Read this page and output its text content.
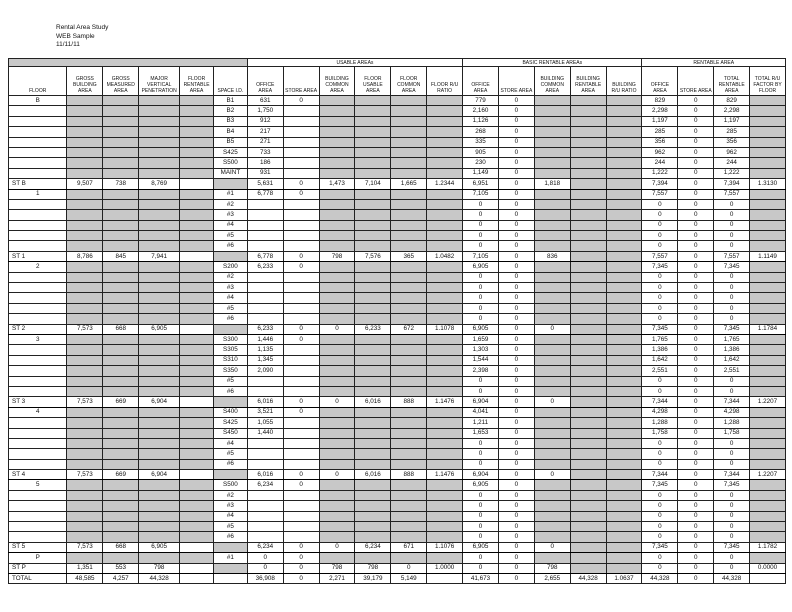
Rental Area Study
WEB Sample
11/11/11
						USABLE AREAs						BASIC RENTABLE AREAs					RENTABLE AREA			
FLOOR	GROSS BUILDING AREA	GROSS MEASURED AREA	MAJOR VERTICAL PENETRATION	FLOOR RENTABLE AREA	SPACE I.D.	OFFICE AREA	STORE AREA	BUILDING COMMON AREA	FLOOR USABLE AREA	FLOOR COMMON AREA	FLOOR R/U RATIO	OFFICE AREA	STORE AREA	BUILDING COMMON AREA	BUILDING RENTABLE AREA	BUILDING R/U RATIO	OFFICE AREA	STORE AREA	TOTAL RENTABLE AREA	TOTAL R/U FACTOR BY FLOOR
B					B1	631	0					779	0				829	0	829	
					B2	1,750						2,160	0				2,298	0	2,298	
					B3	912						1,126	0				1,197	0	1,197	
					B4	217						268	0				285	0	285	
					B5	271						335	0				356	0	356	
					S425	733						905	0				962	0	962	
					S500	186						230	0				244	0	244	
					MAINT	931						1,149	0				1,222	0	1,222	
ST B	9,507	738	8,769			5,631	0	1,473	7,104	1,665	1.2344	6,951	0	1,818			7,394	0	7,394	1.3130
1					#1	6,778	0					7,105	0				7,557	0	7,557	
					#2							0	0				0	0	0	
					#3							0	0				0	0	0	
					#4							0	0				0	0	0	
					#5							0	0				0	0	0	
					#6							0	0				0	0	0	
ST 1	8,786	845	7,941			6,778	0	798	7,576	365	1.0482	7,105	0	836			7,557	0	7,557	1.1149
2					S200	6,233	0					6,905	0				7,345	0	7,345	
					#2							0	0				0	0	0	
					#3							0	0				0	0	0	
					#4							0	0				0	0	0	
					#5							0	0				0	0	0	
					#6							0	0				0	0	0	
ST 2	7,573	668	6,905			6,233	0	0	6,233	672	1.1078	6,905	0	0			7,345	0	7,345	1.1784
3					S300	1,446	0					1,659	0				1,765	0	1,765	
					S305	1,135						1,303	0				1,386	0	1,386	
					S310	1,345						1,544	0				1,642	0	1,642	
					S350	2,090						2,398	0				2,551	0	2,551	
					#5							0	0				0	0	0	
					#6							0	0				0	0	0	
ST 3	7,573	669	6,904			6,016	0	0	6,016	888	1.1476	6,904	0	0			7,344	0	7,344	1.2207
4					S400	3,521	0					4,041	0				4,298	0	4,298	
					S425	1,055						1,211	0				1,288	0	1,288	
					S450	1,440						1,653	0				1,758	0	1,758	
					#4							0	0				0	0	0	
					#5							0	0				0	0	0	
					#6							0	0				0	0	0	
ST 4	7,573	669	6,904			6,016	0	0	6,016	888	1.1476	6,904	0	0			7,344	0	7,344	1.2207
5					S500	6,234	0					6,905	0				7,345	0	7,345	
					#2							0	0				0	0	0	
					#3							0	0				0	0	0	
					#4							0	0				0	0	0	
					#5							0	0				0	0	0	
					#6							0	0				0	0	0	
ST 5	7,573	668	6,905			6,234	0	0	6,234	671	1.1076	6,905	0	0			7,345	0	7,345	1.1782
P					#1	0	0					0	0				0	0	0	
ST P	1,351	553	798			0	0	798	798	0	1.0000	0	0	798			0	0	0	0.0000
TOTAL	48,585	4,257	44,328			36,908	0	2,271	39,179	5,149		41,673	0	2,655	44,328	1.0637	44,328	0	44,328	
